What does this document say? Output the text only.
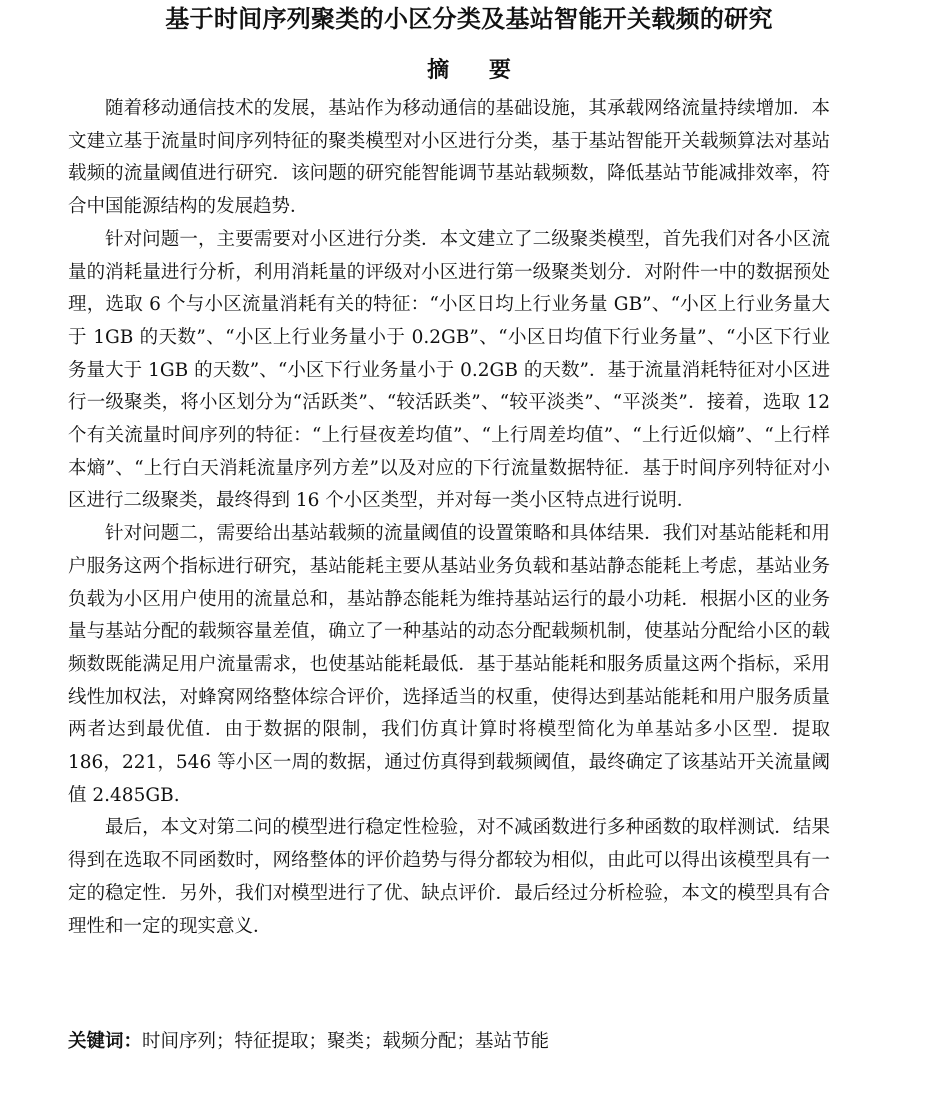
基于时间序列聚类的小区分类及基站智能开关载频的研究
摘 要

随着移动通信技术的发展，基站作为移动通信的基础设施，其承载网络流量持续增加．本文建立基于流量时间序列特征的聚类模型对小区进行分类，基于基站智能开关载频算法对基站载频的流量阈值进行研究．该问题的研究能智能调节基站载频数，降低基站节能减排效率，符合中国能源结构的发展趋势．

针对问题一，主要需要对小区进行分类．本文建立了二级聚类模型，首先我们对各小区流量的消耗量进行分析，利用消耗量的评级对小区进行第一级聚类划分．对附件一中的数据预处理，选取 6 个与小区流量消耗有关的特征：“小区日均上行业务量 GB”、“小区上行业务量大于 1GB 的天数”、“小区上行业务量小于 0.2GB”、“小区日均值下行业务量”、“小区下行业务量大于 1GB 的天数”、“小区下行业务量小于 0.2GB 的天数”．基于流量消耗特征对小区进行一级聚类，将小区划分为“活跃类”、“较活跃类”、“较平淡类”、“平淡类”．接着，选取 12 个有关流量时间序列的特征：“上行昼夜差均值”、“上行周差均值”、“上行近似熵”、“上行样本熵”、“上行白天消耗流量序列方差”以及对应的下行流量数据特征．基于时间序列特征对小区进行二级聚类，最终得到 16 个小区类型，并对每一类小区特点进行说明．

针对问题二，需要给出基站载频的流量阈值的设置策略和具体结果．我们对基站能耗和用户服务这两个指标进行研究，基站能耗主要从基站业务负载和基站静态能耗上考虑，基站业务负载为小区用户使用的流量总和，基站静态能耗为维持基站运行的最小功耗．根据小区的业务量与基站分配的载频容量差值，确立了一种基站的动态分配载频机制，使基站分配给小区的载频数既能满足用户流量需求，也使基站能耗最低．基于基站能耗和服务质量这两个指标，采用线性加权法，对蜂窝网络整体综合评价，选择适当的权重，使得达到基站能耗和用户服务质量两者达到最优值．由于数据的限制，我们仿真计算时将模型简化为单基站多小区型．提取 186，221，546 等小区一周的数据，通过仿真得到载频阈值，最终确定了该基站开关流量阈值 2.485GB.

最后，本文对第二问的模型进行稳定性检验，对不减函数进行多种函数的取样测试．结果得到在选取不同函数时，网络整体的评价趋势与得分都较为相似，由此可以得出该模型具有一定的稳定性．另外，我们对模型进行了优、缺点评价．最后经过分析检验，本文的模型具有合理性和一定的现实意义．

关键词：时间序列；特征提取；聚类；载频分配；基站节能
